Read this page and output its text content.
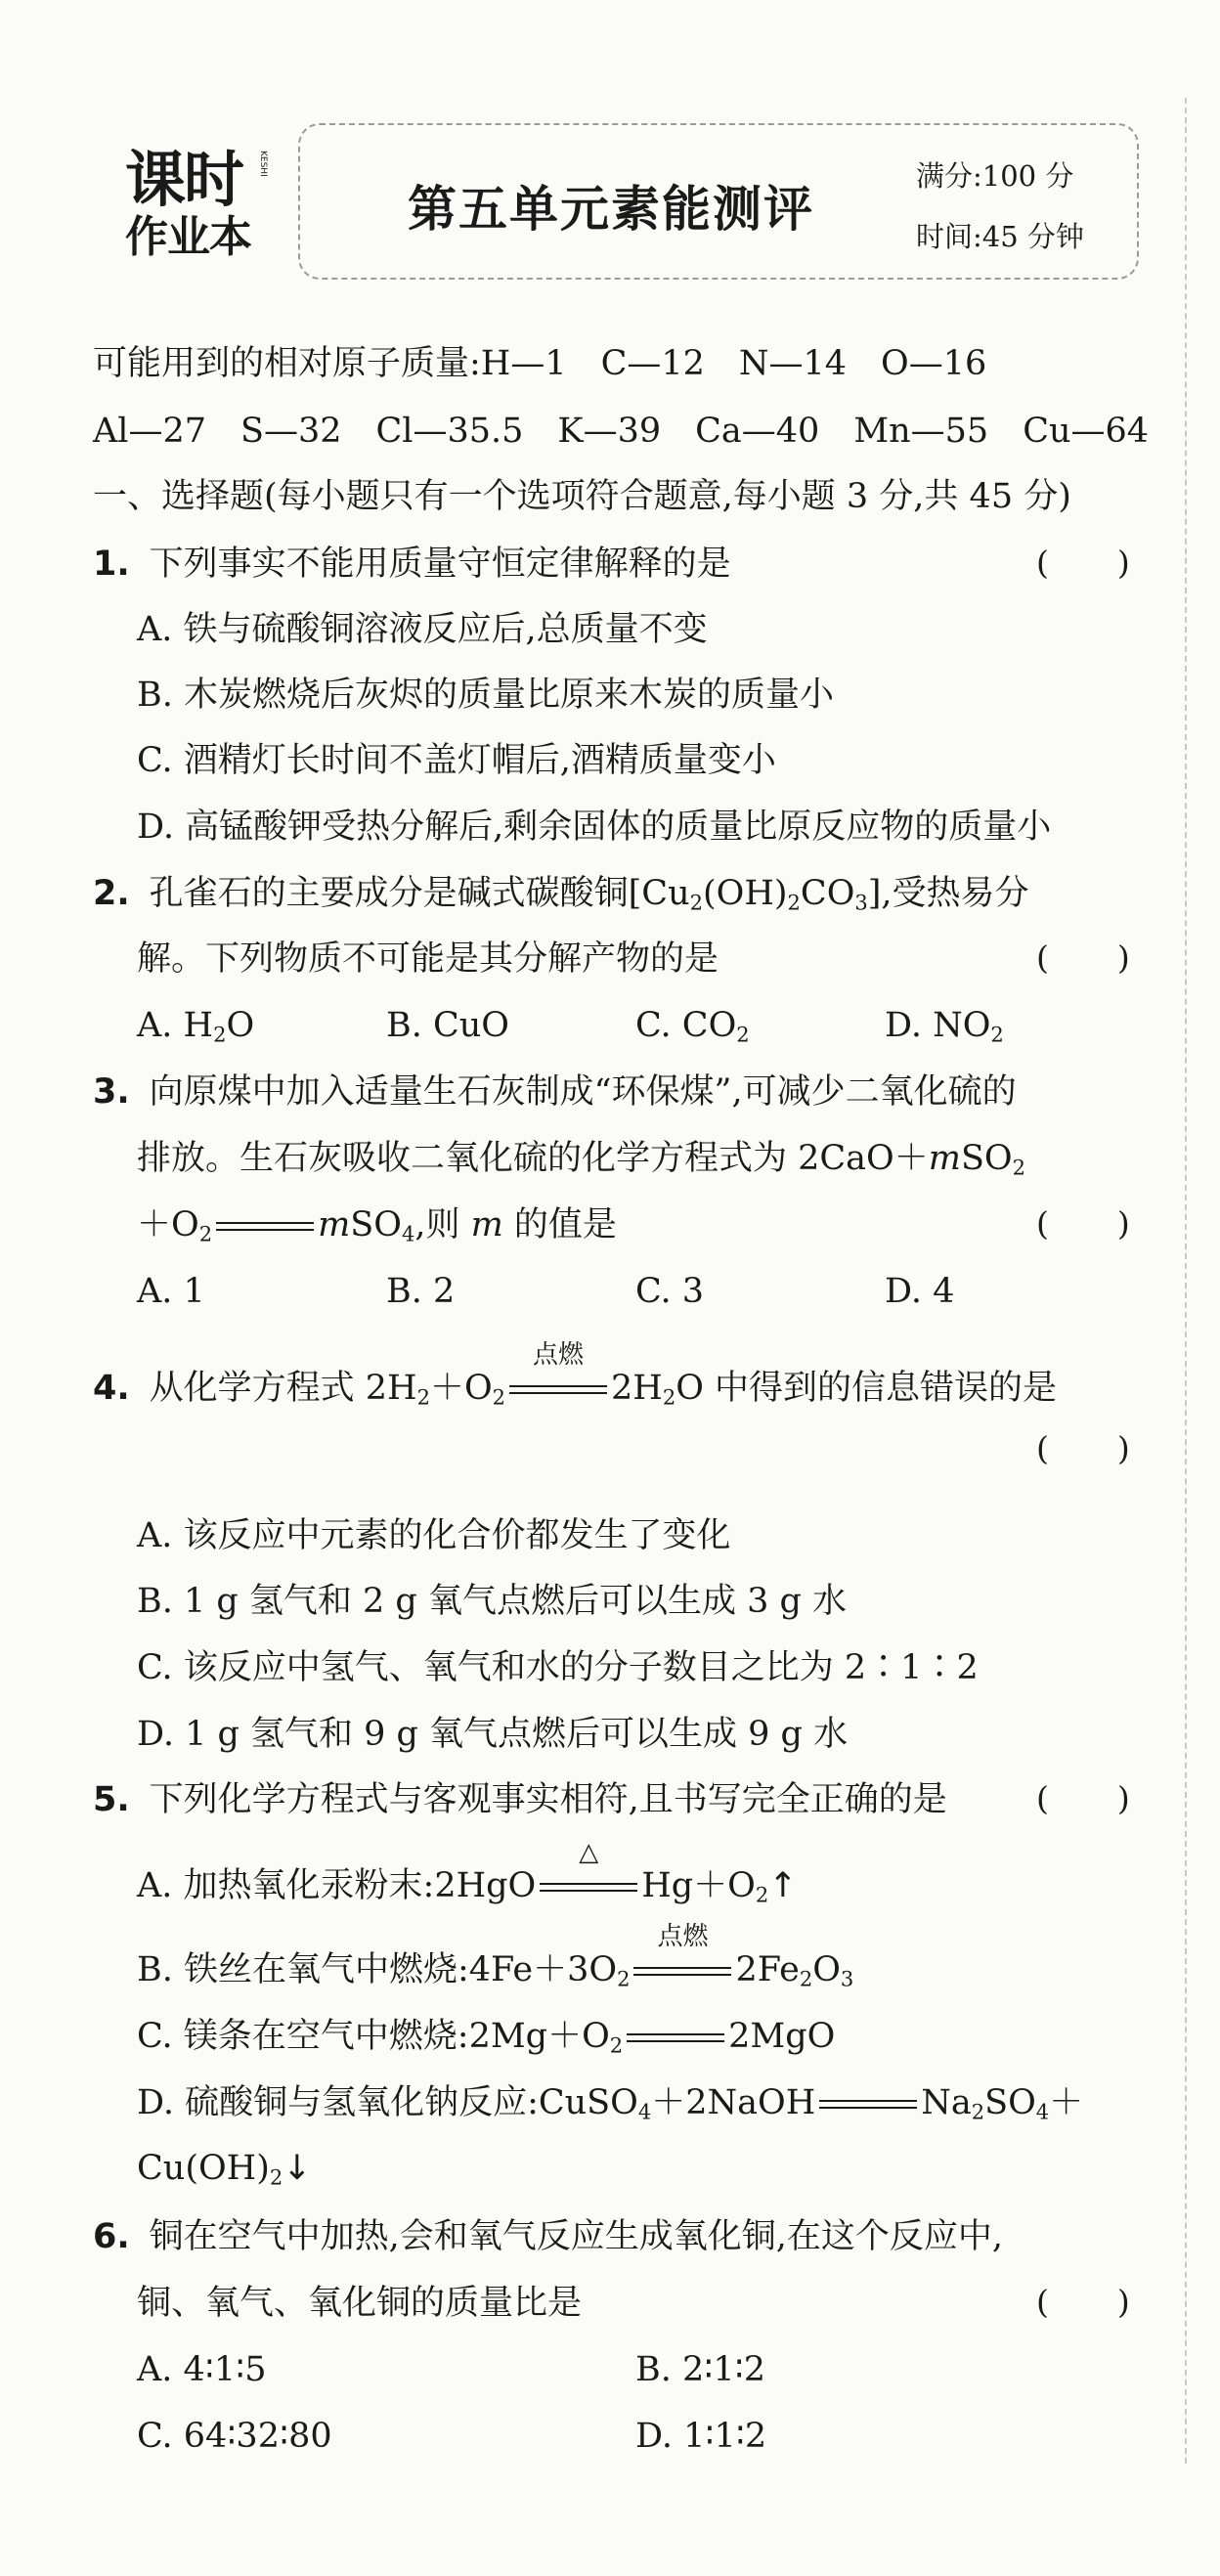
课时
作业本
KESHI
第五单元素能测评
满分:100 分
时间:45 分钟
可能用到的相对原子质量:H—1　C—12　N—14　O—16
Al—27　S—32　Cl—35.5　K—39　Ca—40　Mn—55　Cu—64
一、选择题(每小题只有一个选项符合题意,每小题 3 分,共 45 分)
1. 下列事实不能用质量守恒定律解释的是	()
A. 铁与硫酸铜溶液反应后,总质量不变
B. 木炭燃烧后灰烬的质量比原来木炭的质量小
C. 酒精灯长时间不盖灯帽后,酒精质量变小
D. 高锰酸钾受热分解后,剩余固体的质量比原反应物的质量小
2. 孔雀石的主要成分是碱式碳酸铜$[Cu_2(OH)_2CO_3]$,受热易分
解。下列物质不可能是其分解产物的是	()
A. $H_2O$	B. CuO	C. $CO_2$	D. $NO_2$
3. 向原煤中加入适量生石灰制成“环保煤”,可减少二氧化硫的
排放。生石灰吸收二氧化硫的化学方程式为 2CaO＋mSO$_2$
$+O_2$	mSO$_4$,则 m 的值是	()
A. 1	B. 2	C. 3	D. 4
4. 从化学方程式 $2H_2+O_2$
点燃
$2H_2O$ 中得到的信息错误的是
()
A. 该反应中元素的化合价都发生了变化
B. 1 g 氢气和 2 g 氧气点燃后可以生成 3 g 水
C. 该反应中氢气、氧气和水的分子数目之比为 2∶1∶2
D. 1 g 氢气和 9 g 氧气点燃后可以生成 9 g 水
5. 下列化学方程式与客观事实相符,且书写完全正确的是	()
A. 加热氧化汞粉末:2HgO
△
$Hg+O_2↑$
B. 铁丝在氧气中燃烧$:4Fe+3O_2$
点燃
$2Fe_2O_3$
C. 镁条在空气中燃烧$:2Mg+O_2$	2MgO
D. 硫酸铜与氢氧化钠反应:CuSO$_4$＋2NaOH	$Na_2SO_4+$
$Cu(OH)_2↓$
6. 铜在空气中加热,会和氧气反应生成氧化铜,在这个反应中,
铜、氧气、氧化铜的质量比是	()
A. 4∶1∶5	B. 2∶1∶2
C. 64∶32∶80	D. 1∶1∶2
